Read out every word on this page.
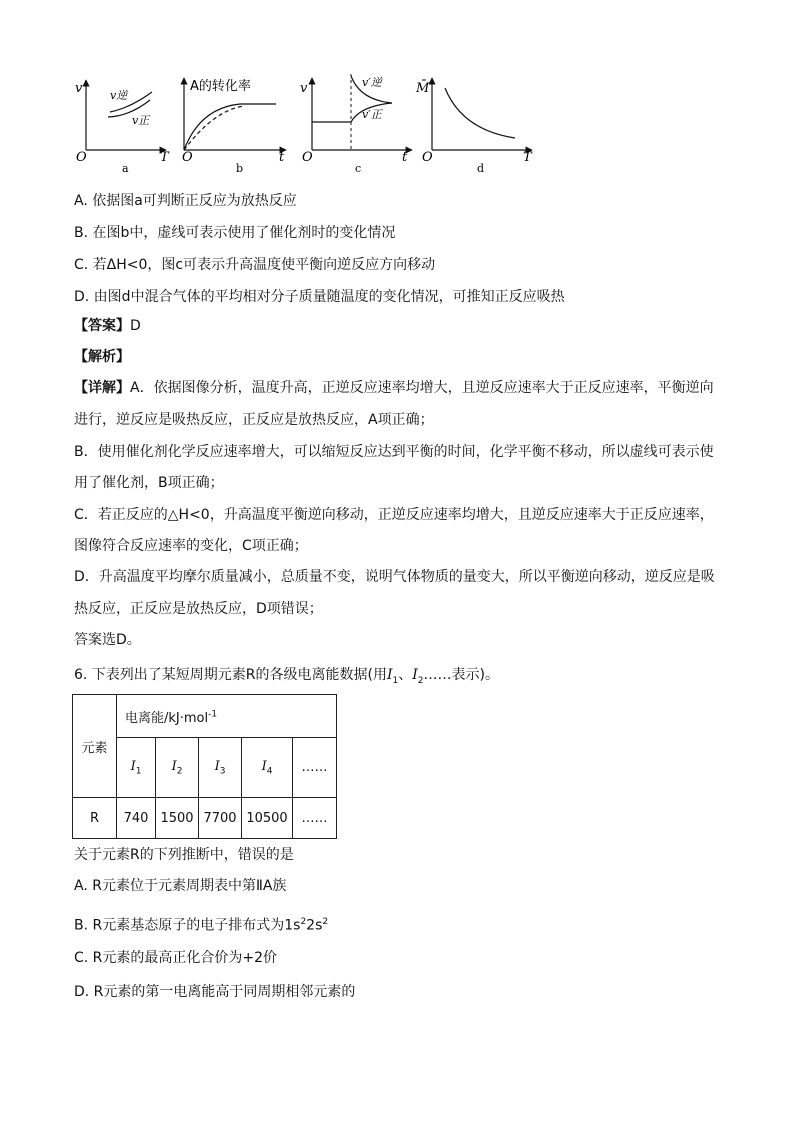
v
T
O
v逆
v正
a
A的转化率
t
O
b
v
t
O
v′逆
v′正
c
M̄
T
O
d
A. 依据图a可判断正反应为放热反应
B. 在图b中，虚线可表示使用了催化剂时的变化情况
C. 若ΔH<0，图c可表示升高温度使平衡向逆反应方向移动
D. 由图d中混合气体的平均相对分子质量随温度的变化情况，可推知正反应吸热
【答案】D
【解析】
【详解】A．依据图像分析，温度升高，正逆反应速率均增大，且逆反应速率大于正反应速率，平衡逆向
进行，逆反应是吸热反应，正反应是放热反应，A项正确；
B．使用催化剂化学反应速率增大，可以缩短反应达到平衡的时间，化学平衡不移动，所以虚线可表示使
用了催化剂，B项正确；
C．若正反应的△H<0，升高温度平衡逆向移动，正逆反应速率均增大，且逆反应速率大于正反应速率，
图像符合反应速率的变化，C项正确；
D．升高温度平均摩尔质量减小，总质量不变，说明气体物质的量变大，所以平衡逆向移动，逆反应是吸
热反应，正反应是放热反应，D项错误；
答案选D。
6. 下表列出了某短周期元素R的各级电离能数据(用$I_1$、$I_2\dots\dots$表示)。
元素	电离能/kJ·mol$^{-1}$
	$I_1$	$I_2$	$I_3$	$I_4$	……
R	740	1500	7700	10500	……
关于元素R的下列推断中，错误的是
A. R元素位于元素周期表中第ⅡA族
B. R元素基态原子的电子排布式为$1s^22s^2$
C. R元素的最高正化合价为+2价
D. R元素的第一电离能高于同周期相邻元素的
